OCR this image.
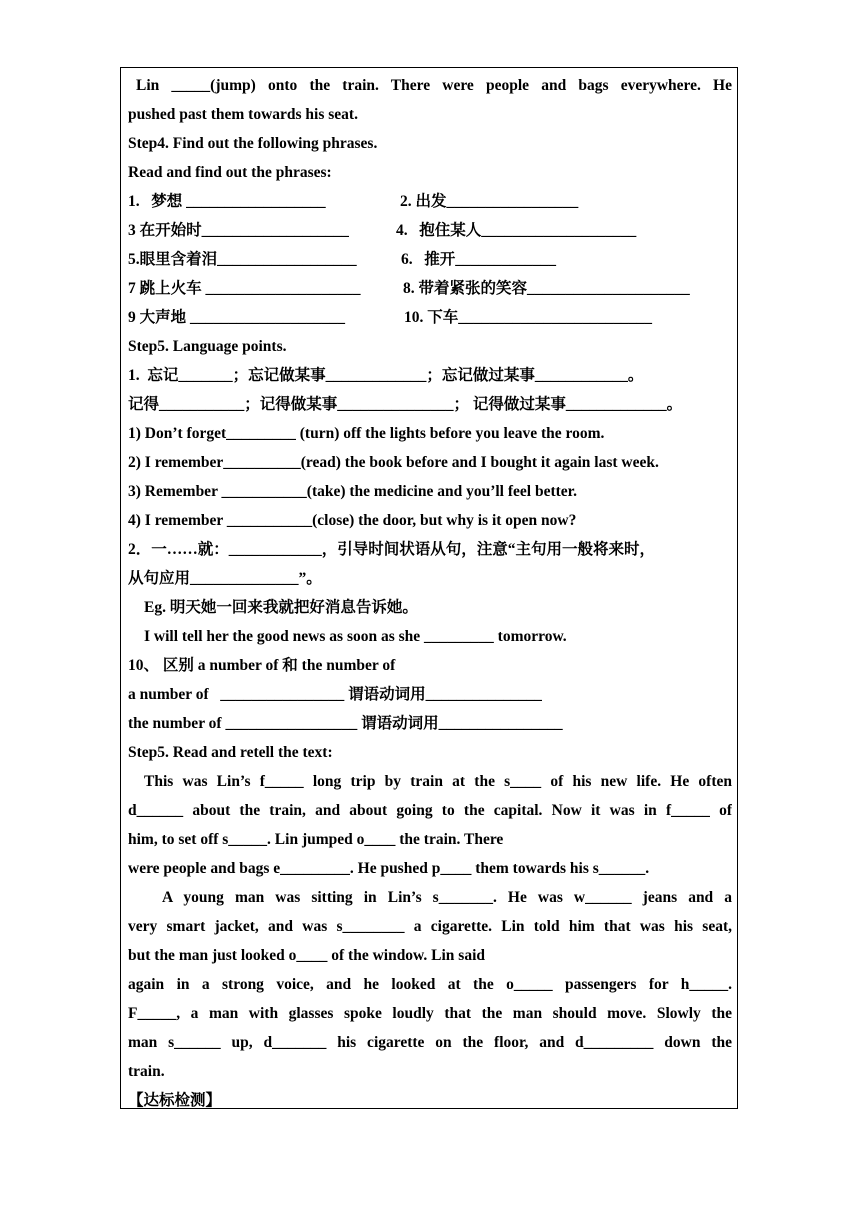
Lin _____(jump) onto the train. There were people and bags everywhere. He
pushed past them towards his seat.
Step4. Find out the following phrases.
Read and find out the phrases:
1.   梦想 __________________	2. 出发_________________
3 在开始时___________________	4.   抱住某人____________________
5.眼里含着泪__________________	6.   推开_____________
7 跳上火车 ____________________	8. 带着紧张的笑容_____________________
9 大声地 ____________________	10. 下车_________________________
Step5. Language points.
1.  忘记_______；忘记做某事_____________；忘记做过某事____________。
记得___________；记得做某事_______________； 记得做过某事_____________。
1) Don’t forget_________ (turn) off the lights before you leave the room.
2) I remember__________(read) the book before and I bought it again last week.
3) Remember ___________(take) the medicine and you’ll feel better.
4) I remember ___________(close) the door, but why is it open now?
2．一……就：____________，引导时间状语从句，注意“主句用一般将来时，
从句应用______________”。
Eg. 明天她一回来我就把好消息告诉她。
I will tell her the good news as soon as she _________ tomorrow.
10、 区别 a number of 和 the number of
a number of   ________________ 谓语动词用_______________
the number of _________________ 谓语动词用________________
Step5. Read and retell the text:
This was Lin’s f_____ long trip by train at the s____ of his new life. He often
d______ about the train, and about going to the capital. Now it was in f_____ of
him, to set off s_____. Lin jumped o____ the train. There
were people and bags e_________. He pushed p____ them towards his s______.
A young man was sitting in Lin’s s_______. He was w______ jeans and a
very smart jacket, and was s________ a cigarette. Lin told him that was his seat,
but the man just looked o____ of the window. Lin said
again in a strong voice, and he looked at the o_____ passengers for h_____.
F_____, a man with glasses spoke loudly that the man should move. Slowly the
man s______ up, d_______ his cigarette on the floor, and d_________ down the
train.
【达标检测】
